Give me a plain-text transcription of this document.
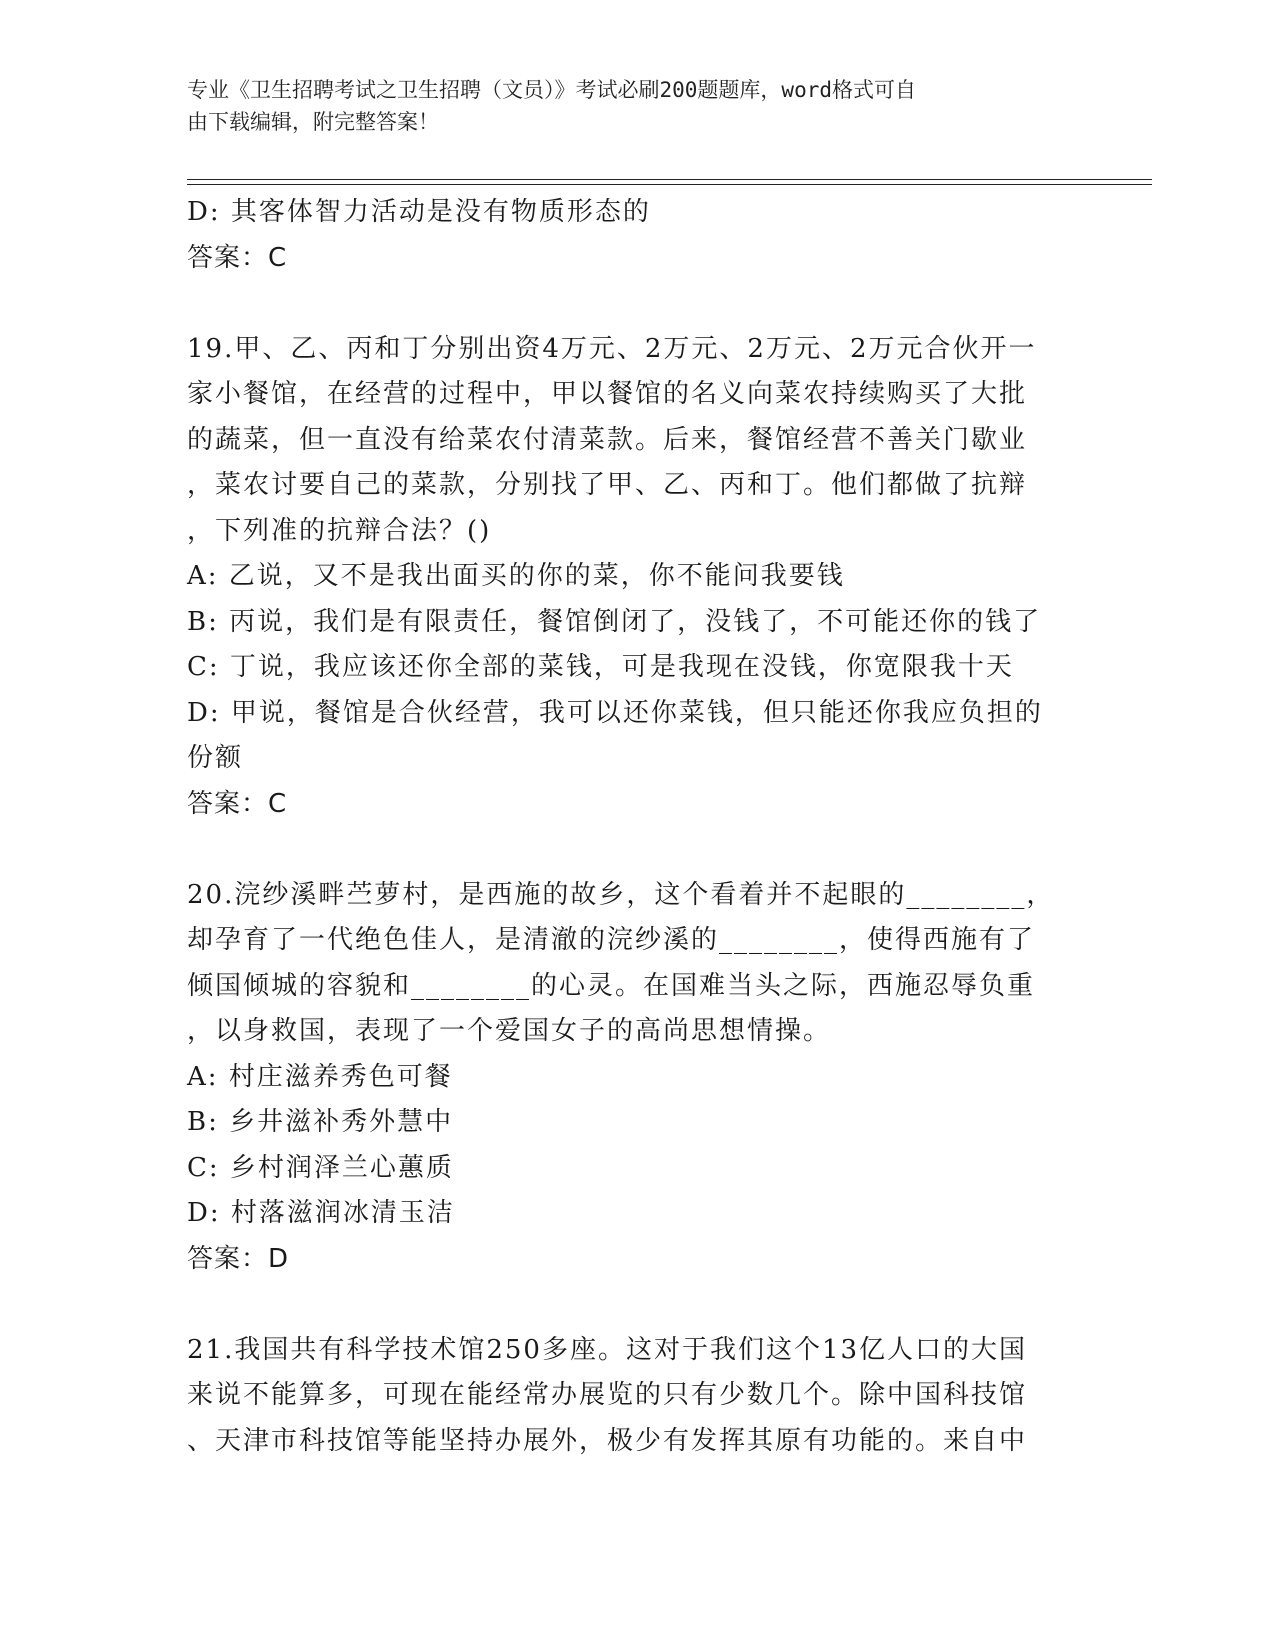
专业《卫生招聘考试之卫生招聘（文员）》考试必刷200题题库，word格式可自
由下载编辑，附完整答案！
D: 其客体智力活动是没有物质形态的
答案：C
19.甲、乙、丙和丁分别出资4万元、2万元、2万元、2万元合伙开一
家小餐馆，在经营的过程中，甲以餐馆的名义向菜农持续购买了大批
的蔬菜，但一直没有给菜农付清菜款。后来，餐馆经营不善关门歇业
，菜农讨要自己的菜款，分别找了甲、乙、丙和丁。他们都做了抗辩
，下列准的抗辩合法？()
A: 乙说，又不是我出面买的你的菜，你不能问我要钱
B: 丙说，我们是有限责任，餐馆倒闭了，没钱了，不可能还你的钱了
C: 丁说，我应该还你全部的菜钱，可是我现在没钱，你宽限我十天
D: 甲说，餐馆是合伙经营，我可以还你菜钱，但只能还你我应负担的
份额
答案：C
20.浣纱溪畔苎萝村，是西施的故乡，这个看着并不起眼的________，
却孕育了一代绝色佳人，是清澈的浣纱溪的________，使得西施有了
倾国倾城的容貌和________的心灵。在国难当头之际，西施忍辱负重
，以身救国，表现了一个爱国女子的高尚思想情操。
A: 村庄滋养秀色可餐
B: 乡井滋补秀外慧中
C: 乡村润泽兰心蕙质
D: 村落滋润冰清玉洁
答案：D
21.我国共有科学技术馆250多座。这对于我们这个13亿人口的大国
来说不能算多，可现在能经常办展览的只有少数几个。除中国科技馆
、天津市科技馆等能坚持办展外，极少有发挥其原有功能的。来自中
